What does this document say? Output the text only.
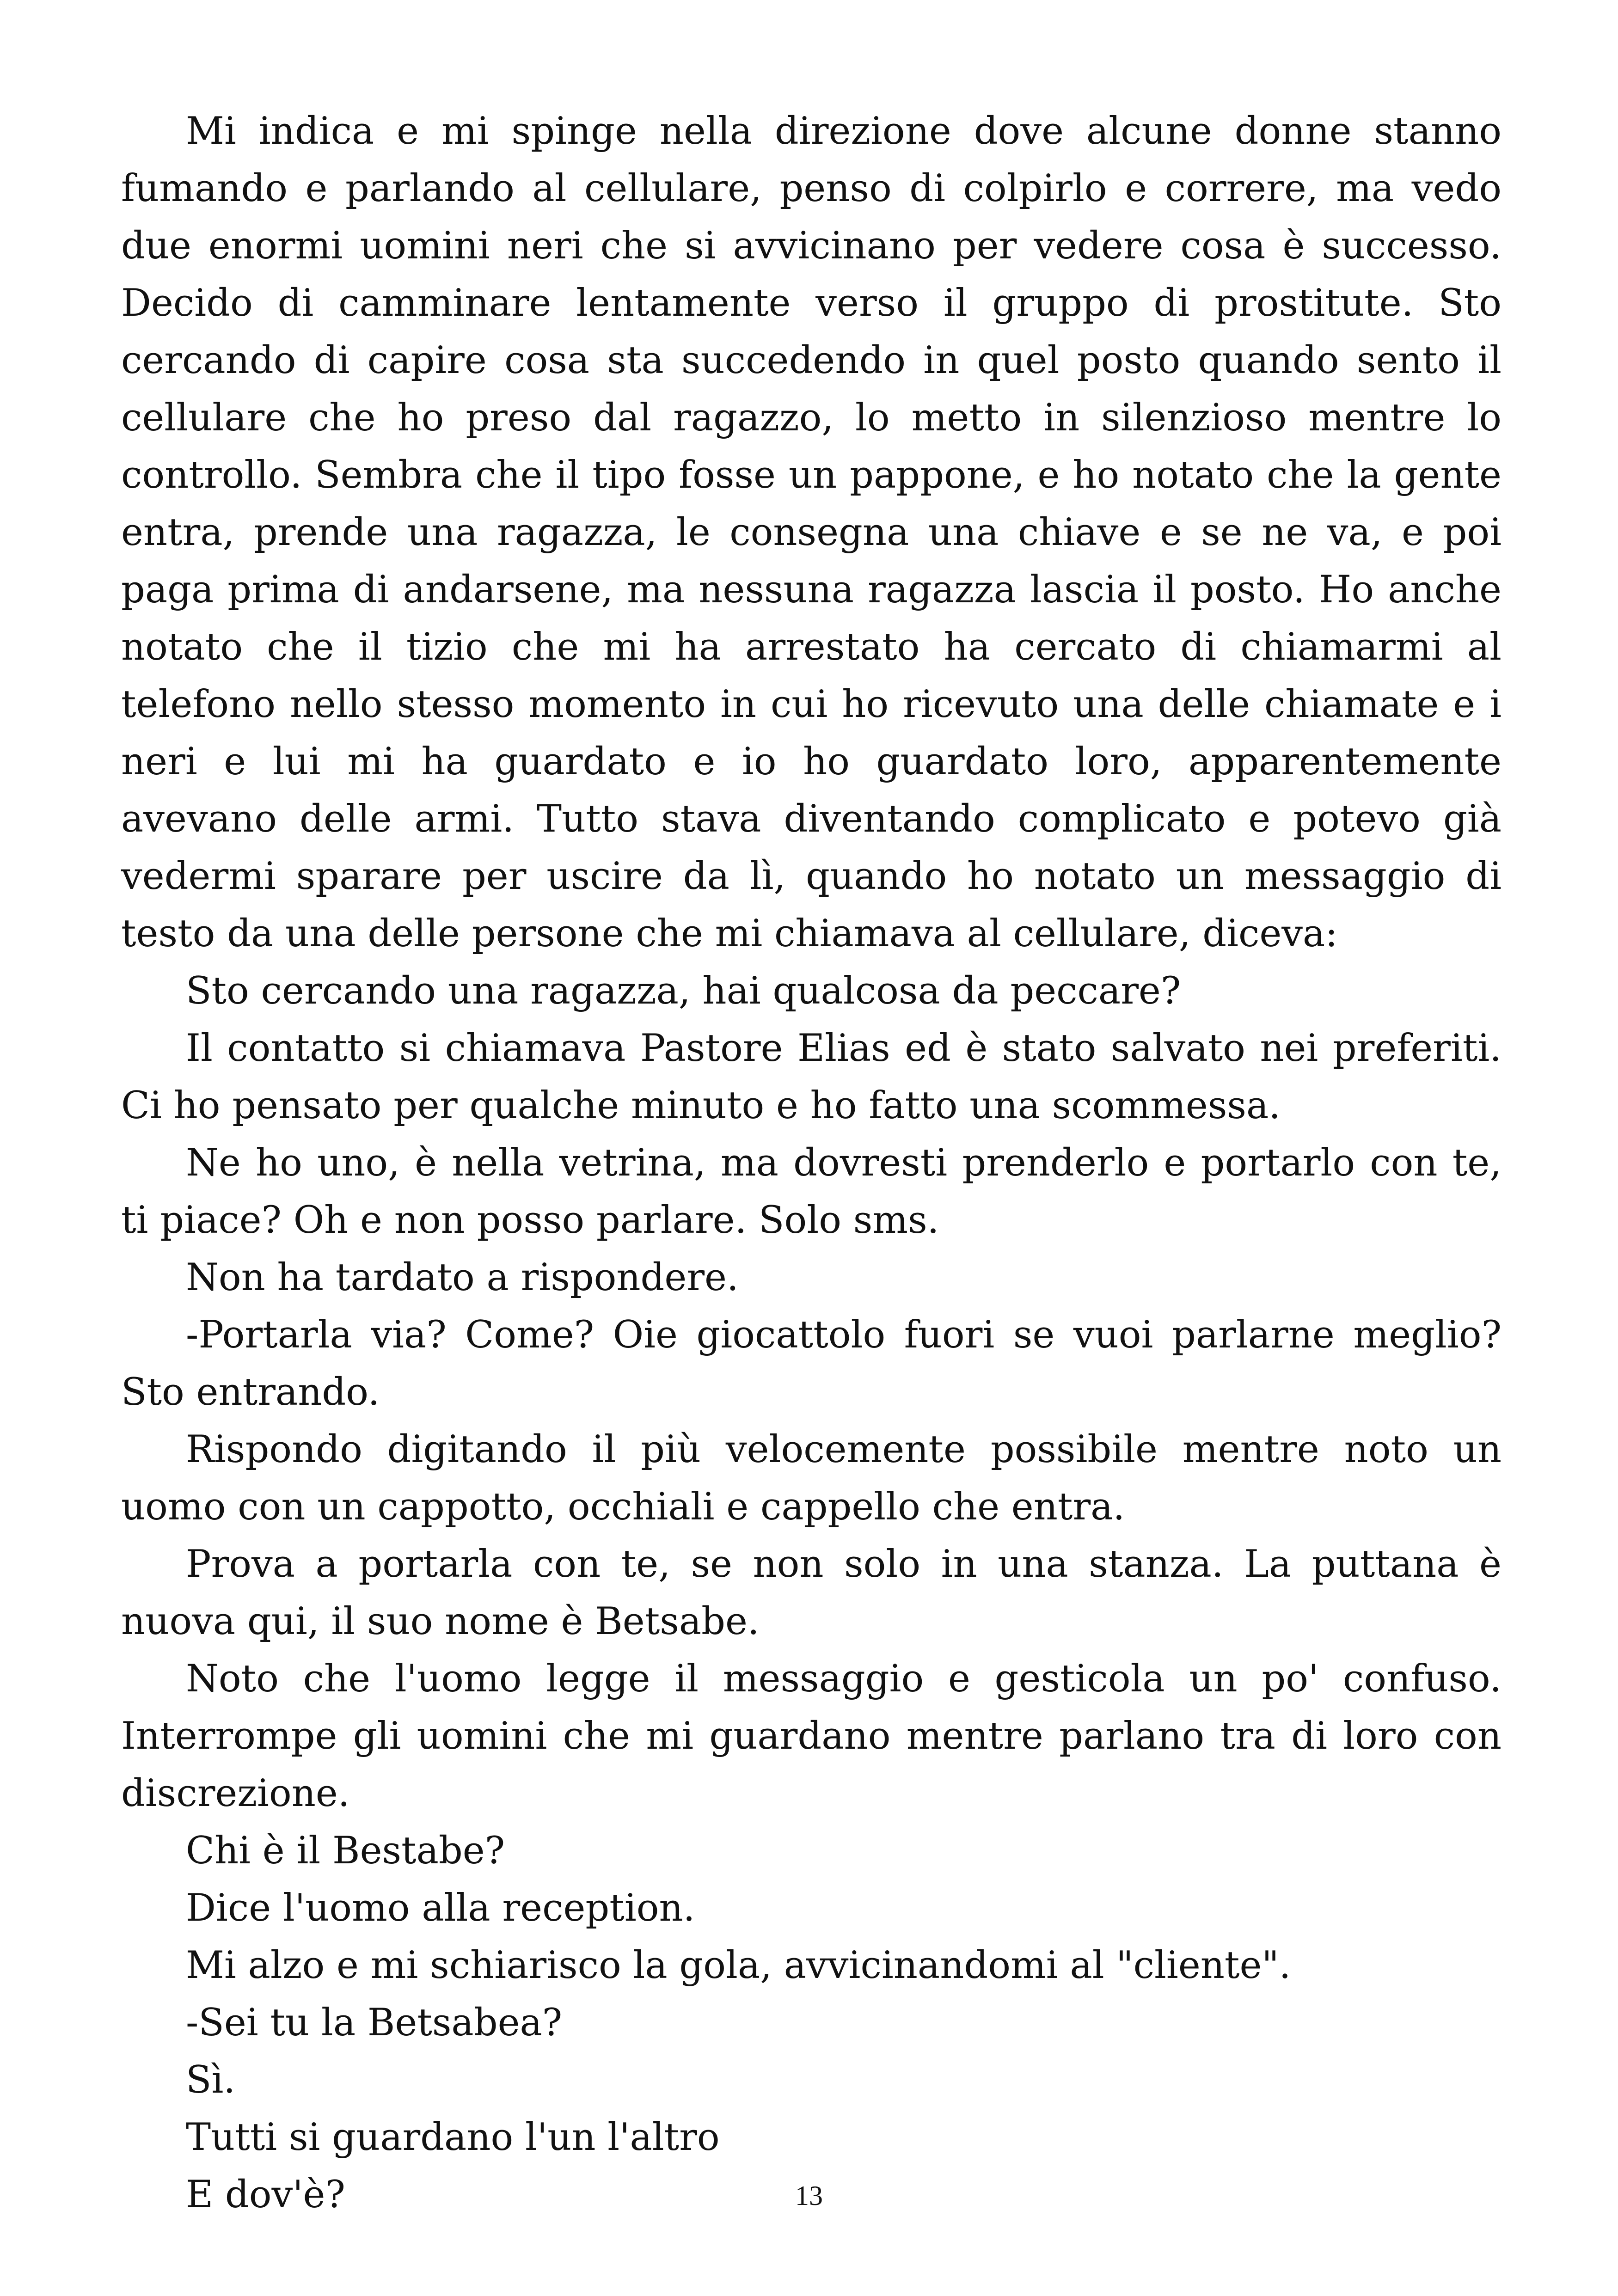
Mi indica e mi spinge nella direzione dove alcune donne stanno fumando e parlando al cellulare, penso di colpirlo e correre, ma vedo due enormi uomini neri che si avvicinano per vedere cosa è successo. Decido di camminare lentamente verso il gruppo di prostitute. Sto cercando di capire cosa sta succedendo in quel posto quando sento il cellulare che ho preso dal ragazzo, lo metto in silenzioso mentre lo controllo. Sembra che il tipo fosse un pappone, e ho notato che la gente entra, prende una ragazza, le consegna una chiave e se ne va, e poi paga prima di andarsene, ma nessuna ragazza lascia il posto. Ho anche notato che il tizio che mi ha arrestato ha cercato di chiamarmi al telefono nello stesso momento in cui ho ricevuto una delle chiamate e i neri e lui mi ha guardato e io ho guardato loro, apparentemente avevano delle armi. Tutto stava diventando complicato e potevo già vedermi sparare per uscire da lì, quando ho notato un messaggio di testo da una delle persone che mi chiamava al cellulare, diceva:

Sto cercando una ragazza, hai qualcosa da peccare?

Il contatto si chiamava Pastore Elias ed è stato salvato nei preferiti. Ci ho pensato per qualche minuto e ho fatto una scommessa.

Ne ho uno, è nella vetrina, ma dovresti prenderlo e portarlo con te, ti piace? Oh e non posso parlare. Solo sms.

Non ha tardato a rispondere.

-Portarla via? Come? Oie giocattolo fuori se vuoi parlarne meglio? Sto entrando.

Rispondo digitando il più velocemente possibile mentre noto un uomo con un cappotto, occhiali e cappello che entra.

Prova a portarla con te, se non solo in una stanza. La puttana è nuova qui, il suo nome è Betsabe.

Noto che l'uomo legge il messaggio e gesticola un po' confuso. Interrompe gli uomini che mi guardano mentre parlano tra di loro con discrezione.

Chi è il Bestabe?

Dice l'uomo alla reception.

Mi alzo e mi schiarisco la gola, avvicinandomi al "cliente".

-Sei tu la Betsabea?

Sì.

Tutti si guardano l'un l'altro

E dov'è?	13
